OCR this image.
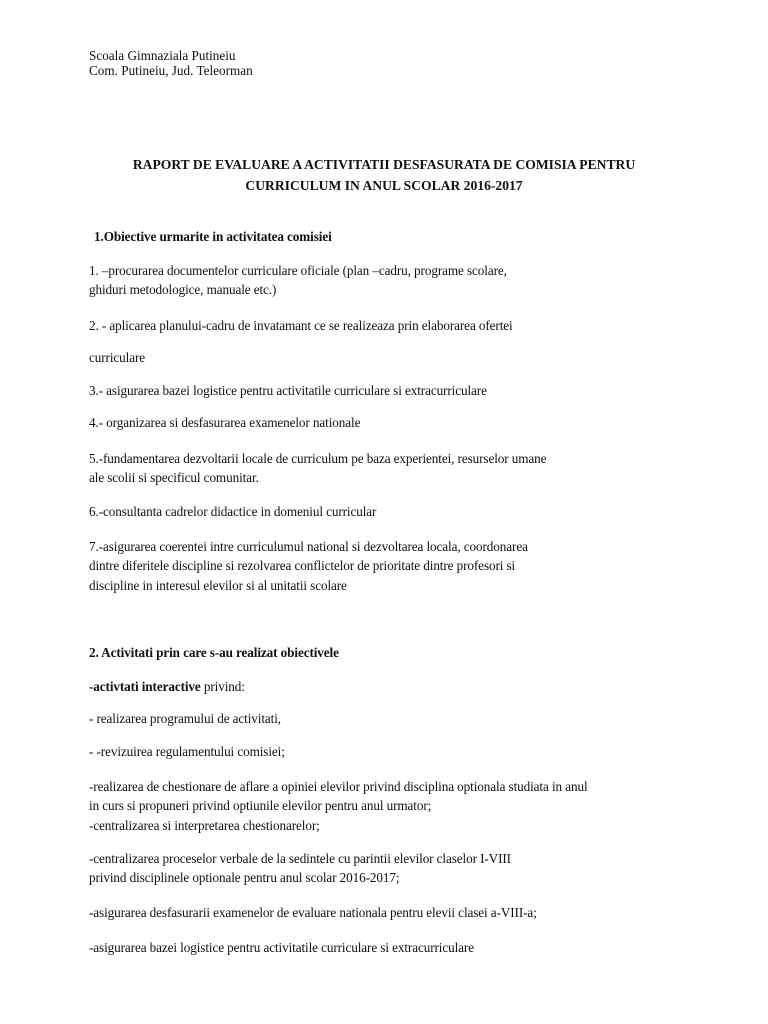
Scoala Gimnaziala Putineiu
Com. Putineiu, Jud. Teleorman
RAPORT DE EVALUARE A ACTIVITATII DESFASURATA DE COMISIA PENTRU
CURRICULUM IN ANUL SCOLAR 2016-2017
1.Obiective urmarite in activitatea comisiei
1. –procurarea documentelor curriculare oficiale (plan –cadru, programe scolare,
ghiduri metodologice, manuale etc.)
2. - aplicarea planului-cadru de invatamant ce se realizeaza prin elaborarea ofertei
curriculare
3.- asigurarea bazei logistice pentru activitatile curriculare si extracurriculare
4.- organizarea si desfasurarea examenelor nationale
5.-fundamentarea dezvoltarii locale de curriculum pe baza experientei, resurselor umane
ale scolii si specificul comunitar.
6.-consultanta cadrelor didactice in domeniul curricular
7.-asigurarea coerentei intre curriculumul national si dezvoltarea locala, coordonarea
dintre diferitele discipline si rezolvarea conflictelor de prioritate dintre profesori si
discipline in interesul elevilor si al unitatii scolare
2. Activitati prin care s-au realizat obiectivele
-activtati interactive privind:
- realizarea programului de activitati,
- -revizuirea regulamentului comisiei;
-realizarea de chestionare de aflare a opiniei elevilor privind disciplina optionala studiata in anul
in curs si propuneri privind optiunile elevilor pentru anul urmator;
-centralizarea si interpretarea chestionarelor;
-centralizarea proceselor verbale de la sedintele cu parintii elevilor claselor I-VIII
privind disciplinele optionale pentru anul scolar 2016-2017;
-asigurarea desfasurarii examenelor de evaluare nationala pentru elevii clasei a-VIII-a;
-asigurarea bazei logistice pentru activitatile curriculare si extracurriculare
